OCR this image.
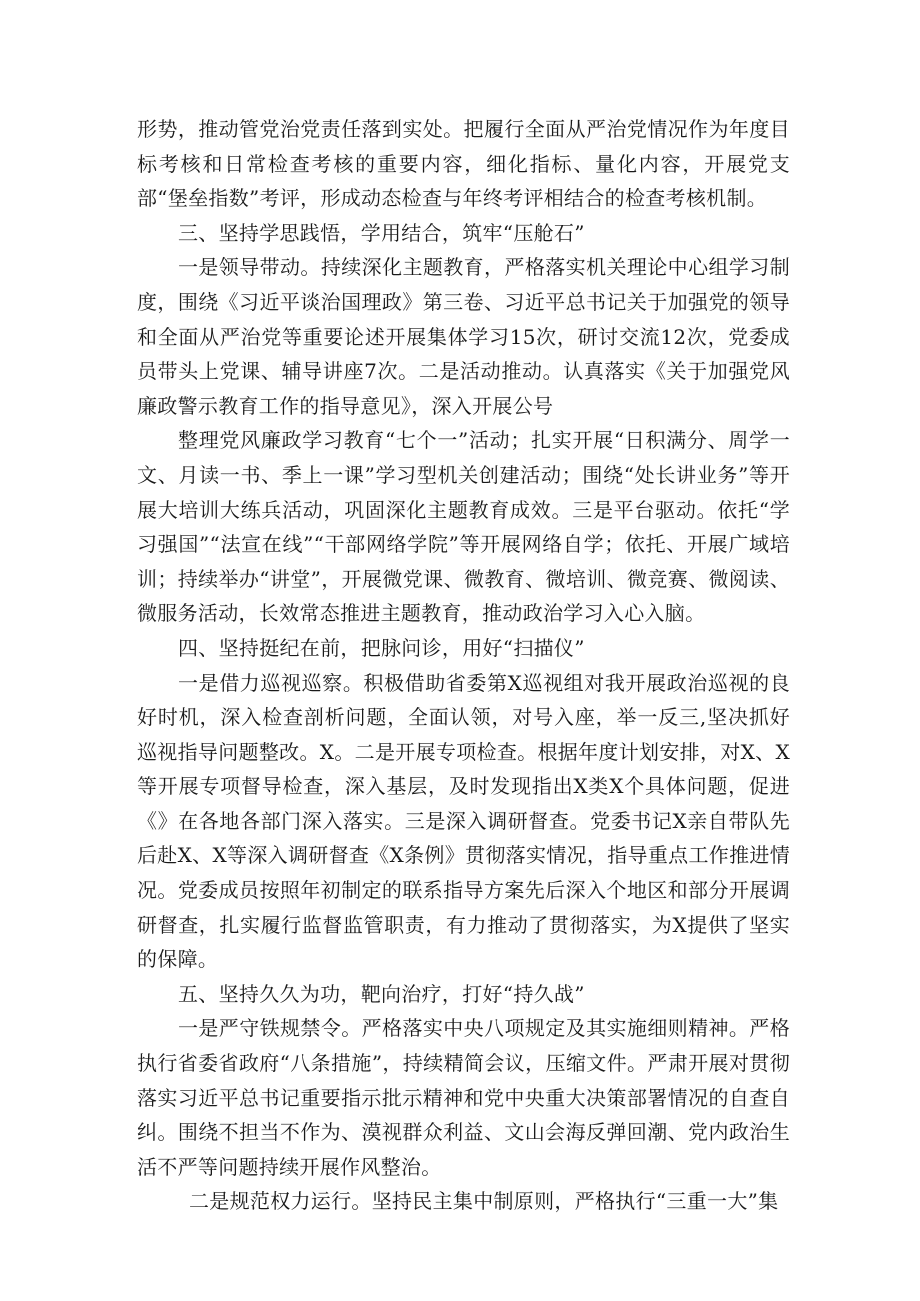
形势，推动管党治党责任落到实处。把履行全面从严治党情况作为年度目标考核和日常检查考核的重要内容，细化指标、量化内容，开展党支部“堡垒指数”考评，形成动态检查与年终考评相结合的检查考核机制。

三、坚持学思践悟，学用结合，筑牢“压舱石”

一是领导带动。持续深化主题教育，严格落实机关理论中心组学习制度，围绕《习近平谈治国理政》第三卷、习近平总书记关于加强党的领导和全面从严治党等重要论述开展集体学习15次，研讨交流12次，党委成员带头上党课、辅导讲座7次。二是活动推动。认真落实《关于加强党风廉政警示教育工作的指导意见》，深入开展公号

整理党风廉政学习教育“七个一”活动；扎实开展“日积满分、周学一文、月读一书、季上一课”学习型机关创建活动；围绕“处长讲业务”等开展大培训大练兵活动，巩固深化主题教育成效。三是平台驱动。依托“学习强国”“法宣在线”“干部网络学院”等开展网络自学；依托、开展广域培训；持续举办“讲堂”，开展微党课、微教育、微培训、微竞赛、微阅读、微服务活动，长效常态推进主题教育，推动政治学习入心入脑。

四、坚持挺纪在前，把脉问诊，用好“扫描仪”

一是借力巡视巡察。积极借助省委第X巡视组对我开展政治巡视的良好时机，深入检查剖析问题，全面认领，对号入座，举一反三,坚决抓好巡视指导问题整改。X。二是开展专项检查。根据年度计划安排，对X、X等开展专项督导检查，深入基层，及时发现指出X类X个具体问题，促进《》在各地各部门深入落实。三是深入调研督查。党委书记X亲自带队先后赴X、X等深入调研督查《X条例》贯彻落实情况，指导重点工作推进情况。党委成员按照年初制定的联系指导方案先后深入个地区和部分开展调研督查，扎实履行监督监管职责，有力推动了贯彻落实，为X提供了坚实的保障。

五、坚持久久为功，靶向治疗，打好“持久战”

一是严守铁规禁令。严格落实中央八项规定及其实施细则精神。严格执行省委省政府“八条措施”，持续精简会议，压缩文件。严肃开展对贯彻落实习近平总书记重要指示批示精神和党中央重大决策部署情况的自查自纠。围绕不担当不作为、漠视群众利益、文山会海反弹回潮、党内政治生活不严等问题持续开展作风整治。

二是规范权力运行。坚持民主集中制原则，严格执行“三重一大”集
